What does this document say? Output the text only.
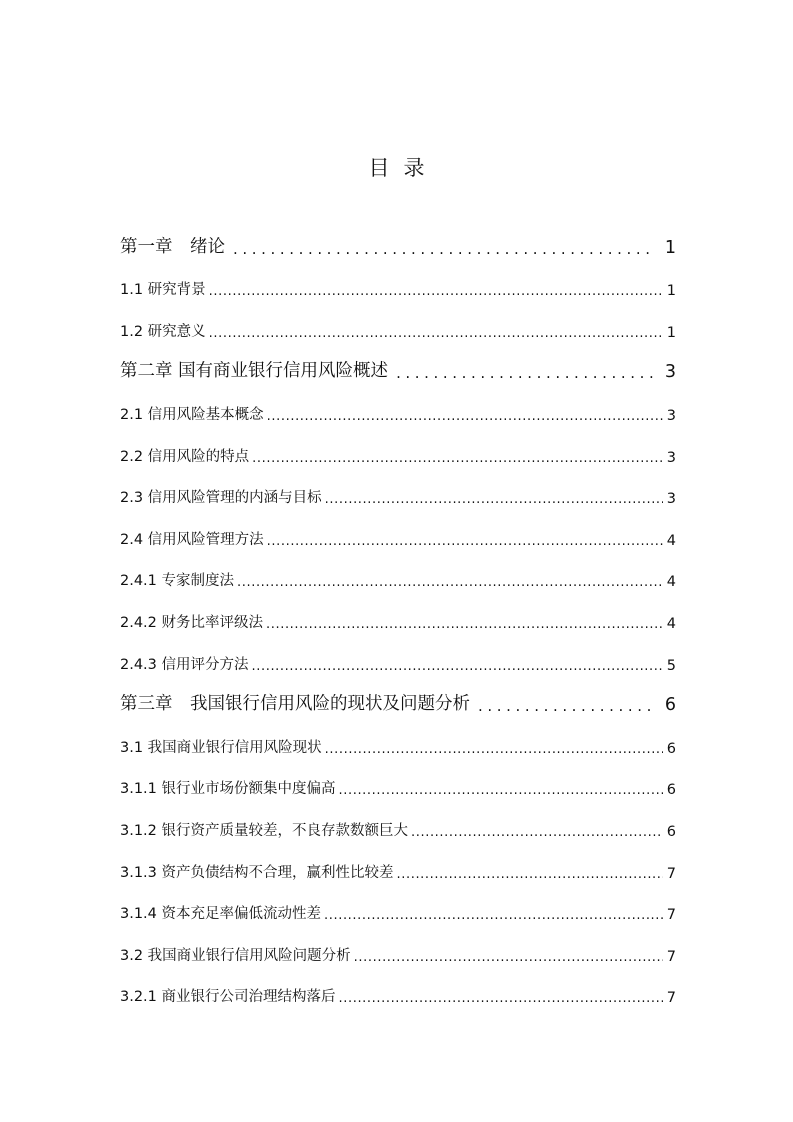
目录
第一章　绪论 .....	1
1.1 研究背景 .....	1
1.2 研究意义 .....	1
第二章 国有商业银行信用风险概述 .....	3
2.1 信用风险基本概念 .....	3
2.2 信用风险的特点 .....	3
2.3 信用风险管理的内涵与目标 .....	3
2.4 信用风险管理方法 .....	4
2.4.1 专家制度法 .....	4
2.4.2 财务比率评级法 .....	4
2.4.3 信用评分方法 .....	5
第三章　我国银行信用风险的现状及问题分析 .....	6
3.1 我国商业银行信用风险现状 .....	6
3.1.1 银行业市场份额集中度偏高 .....	6
3.1.2 银行资产质量较差，不良存款数额巨大 .....	6
3.1.3 资产负债结构不合理，赢利性比较差 .....	7
3.1.4 资本充足率偏低流动性差 .....	7
3.2 我国商业银行信用风险问题分析 .....	7
3.2.1 商业银行公司治理结构落后 .....	7
